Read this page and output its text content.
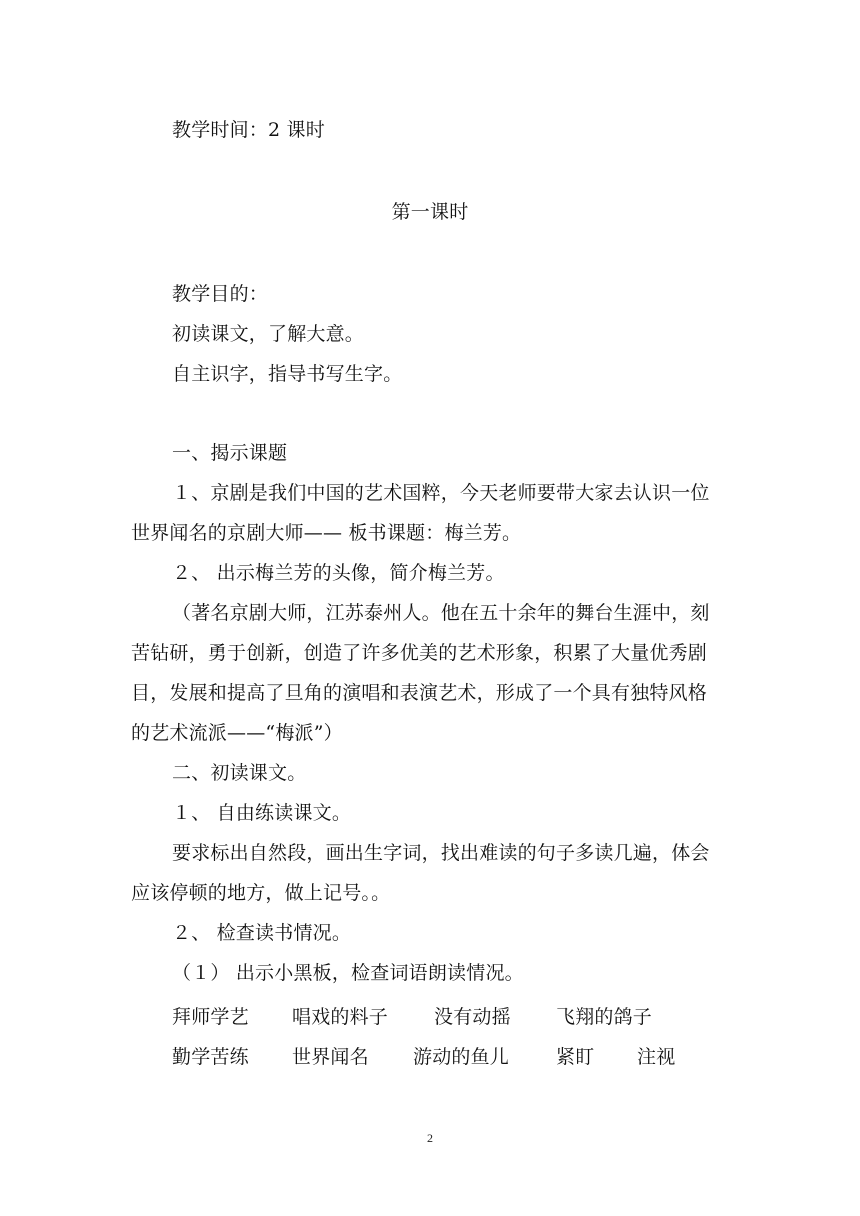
教学时间：2 课时
第一课时
教学目的：
初读课文，了解大意。
自主识字，指导书写生字。
一、揭示课题
１、京剧是我们中国的艺术国粹，今天老师要带大家去认识一位
世界闻名的京剧大师—— 板书课题：梅兰芳。
２、 出示梅兰芳的头像，简介梅兰芳。
（著名京剧大师，江苏泰州人。他在五十余年的舞台生涯中，刻
苦钻研，勇于创新，创造了许多优美的艺术形象，积累了大量优秀剧
目，发展和提高了旦角的演唱和表演艺术，形成了一个具有独特风格
的艺术流派——“梅派”）
二、初读课文。
１、 自由练读课文。
要求标出自然段，画出生字词，找出难读的句子多读几遍，体会
应该停顿的地方，做上记号。。
２、 检查读书情况。
（１） 出示小黑板，检查词语朗读情况。
拜师学艺 唱戏的料子 没有动摇 飞翔的鸽子
勤学苦练 世界闻名 游动的鱼儿 紧盯 注视
2
